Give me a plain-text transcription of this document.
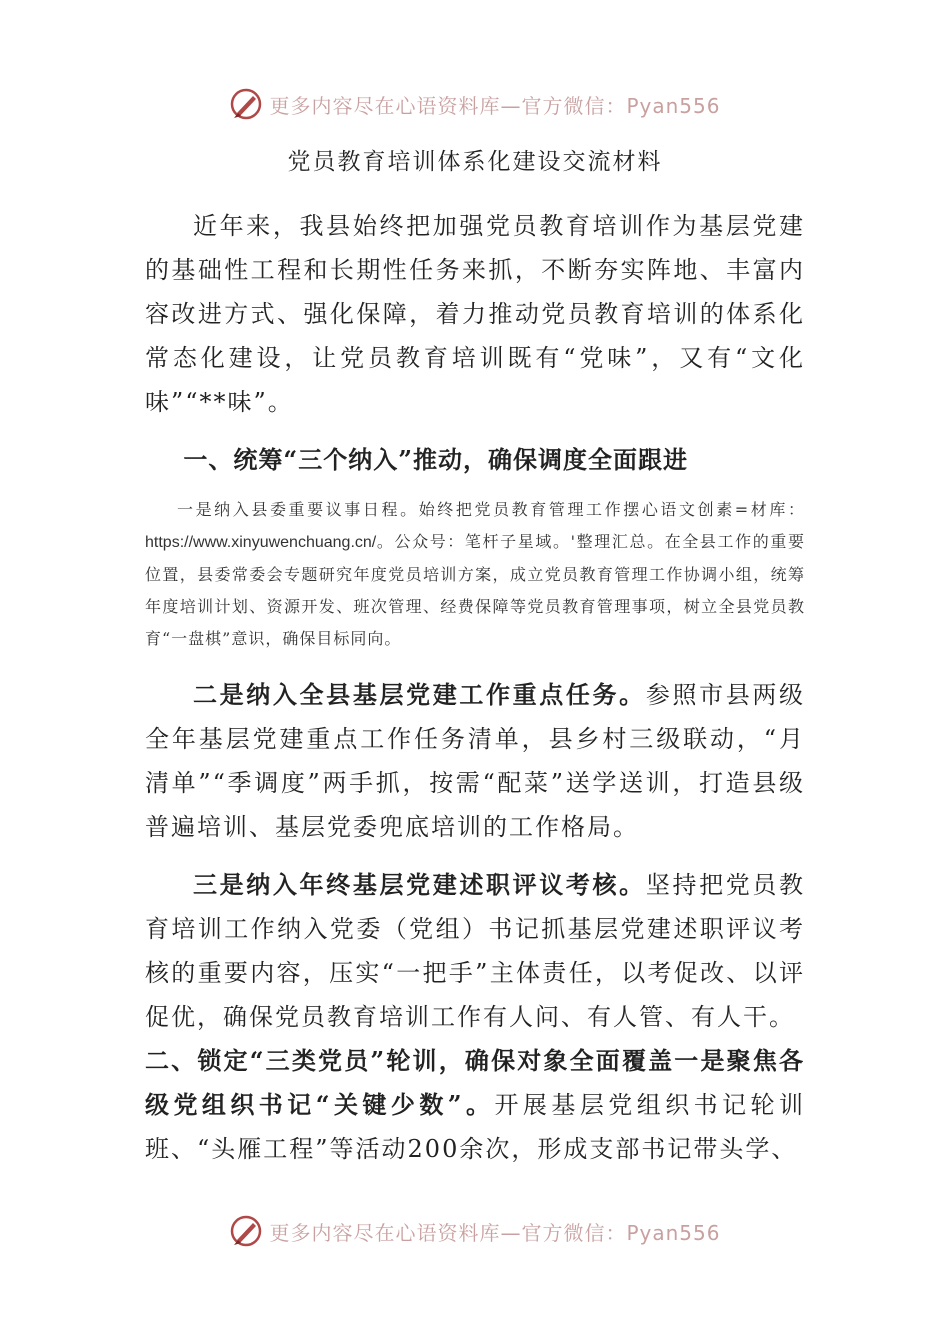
更多内容尽在心语资料库—官方微信：Pyan556
党员教育培训体系化建设交流材料

近年来，我县始终把加强党员教育培训作为基层党建的基础性工程和长期性任务来抓，不断夯实阵地、丰富内容改进方式、强化保障，着力推动党员教育培训的体系化常态化建设，让党员教育培训既有“党味”，又有“文化味”“**味”。

一、统筹“三个纳入”推动，确保调度全面跟进

一是纳入县委重要议事日程。始终把党员教育管理工作摆心语文创素=材库：https://www.xinyuwenchuang.cn/。公众号：笔杆子星域。'整理汇总。在全县工作的重要位置，县委常委会专题研究年度党员培训方案，成立党员教育管理工作协调小组，统筹年度培训计划、资源开发、班次管理、经费保障等党员教育管理事项，树立全县党员教育“一盘棋”意识，确保目标同向。

二是纳入全县基层党建工作重点任务。参照市县两级全年基层党建重点工作任务清单，县乡村三级联动，“月清单”“季调度”两手抓，按需“配菜”送学送训，打造县级普遍培训、基层党委兜底培训的工作格局。

三是纳入年终基层党建述职评议考核。坚持把党员教育培训工作纳入党委（党组）书记抓基层党建述职评议考核的重要内容，压实“一把手”主体责任，以考促改、以评促优，确保党员教育培训工作有人问、有人管、有人干。

二、锁定“三类党员”轮训，确保对象全面覆盖一是聚焦各级党组织书记“关键少数”。开展基层党组织书记轮训班、“头雁工程”等活动200余次，形成支部书记带头学、

更多内容尽在心语资料库—官方微信：Pyan556
